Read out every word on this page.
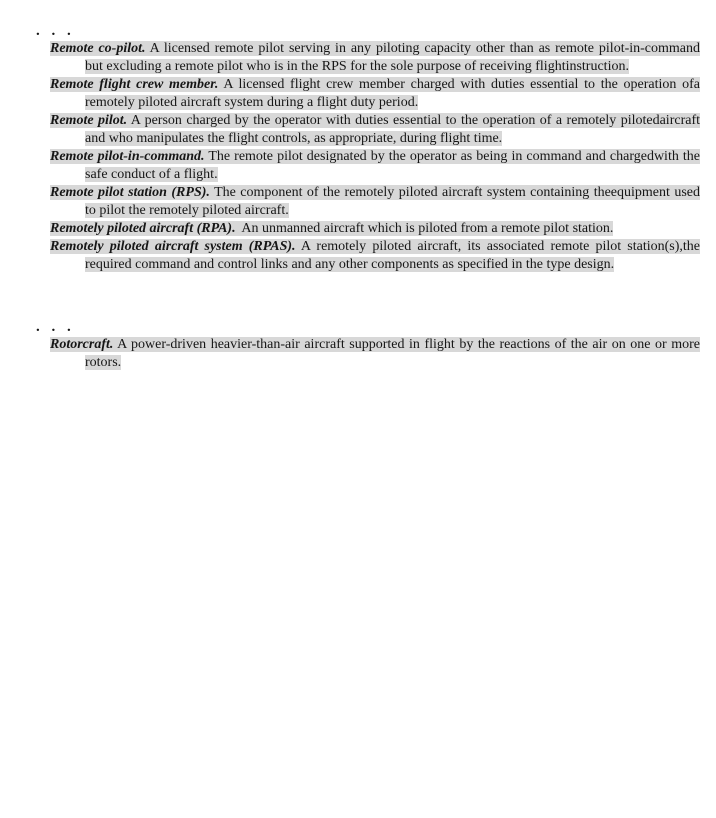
. . .

Remote co-pilot. A licensed remote pilot serving in any piloting capacity other than as remote pilot-in-command but excluding a remote pilot who is in the RPS for the sole purpose of receiving flightinstruction.

Remote flight crew member. A licensed flight crew member charged with duties essential to the operation ofa remotely piloted aircraft system during a flight duty period.

Remote pilot. A person charged by the operator with duties essential to the operation of a remotely pilotedaircraft and who manipulates the flight controls, as appropriate, during flight time.

Remote pilot-in-command. The remote pilot designated by the operator as being in command and chargedwith the safe conduct of a flight.

Remote pilot station (RPS). The component of the remotely piloted aircraft system containing theequipment used to pilot the remotely piloted aircraft.

Remotely piloted aircraft (RPA). An unmanned aircraft which is piloted from a remote pilot station.

Remotely piloted aircraft system (RPAS). A remotely piloted aircraft, its associated remote pilot station(s),the required command and control links and any other components as specified in the type design.

. . .

Rotorcraft. A power-driven heavier-than-air aircraft supported in flight by the reactions of the air on one or more rotors.
